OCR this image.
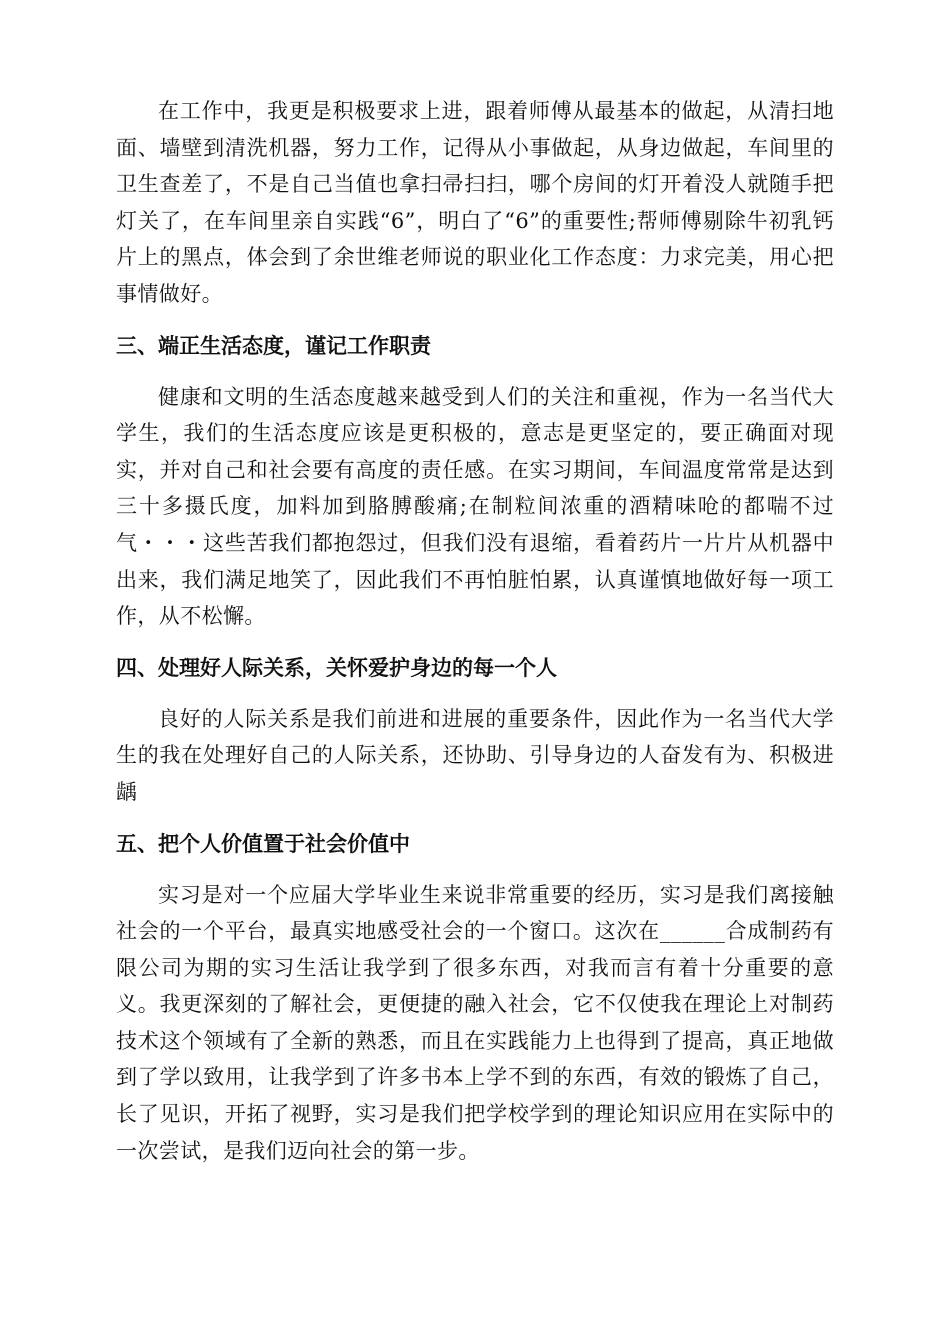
在工作中，我更是积极要求上进，跟着师傅从最基本的做起，从清扫地面、墙壁到清洗机器，努力工作，记得从小事做起，从身边做起，车间里的卫生查差了，不是自己当值也拿扫帚扫扫，哪个房间的灯开着没人就随手把灯关了，在车间里亲自实践“6”，明白了“6”的重要性;帮师傅剔除牛初乳钙片上的黑点，体会到了余世维老师说的职业化工作态度：力求完美，用心把事情做好。

三、端正生活态度，谨记工作职责

健康和文明的生活态度越来越受到人们的关注和重视，作为一名当代大学生，我们的生活态度应该是更积极的，意志是更坚定的，要正确面对现实，并对自己和社会要有高度的责任感。在实习期间，车间温度常常是达到三十多摄氏度，加料加到胳膊酸痛;在制粒间浓重的酒精味呛的都喘不过气・・・这些苦我们都抱怨过，但我们没有退缩，看着药片一片片从机器中出来，我们满足地笑了，因此我们不再怕脏怕累，认真谨慎地做好每一项工作，从不松懈。

四、处理好人际关系，关怀爱护身边的每一个人

良好的人际关系是我们前进和进展的重要条件，因此作为一名当代大学生的我在处理好自己的人际关系，还协助、引导身边的人奋发有为、积极进龋

五、把个人价值置于社会价值中

实习是对一个应届大学毕业生来说非常重要的经历，实习是我们离接触社会的一个平台，最真实地感受社会的一个窗口。这次在______合成制药有限公司为期的实习生活让我学到了很多东西，对我而言有着十分重要的意义。我更深刻的了解社会，更便捷的融入社会，它不仅使我在理论上对制药技术这个领域有了全新的熟悉，而且在实践能力上也得到了提高，真正地做到了学以致用，让我学到了许多书本上学不到的东西，有效的锻炼了自己，长了见识，开拓了视野，实习是我们把学校学到的理论知识应用在实际中的一次尝试，是我们迈向社会的第一步。
